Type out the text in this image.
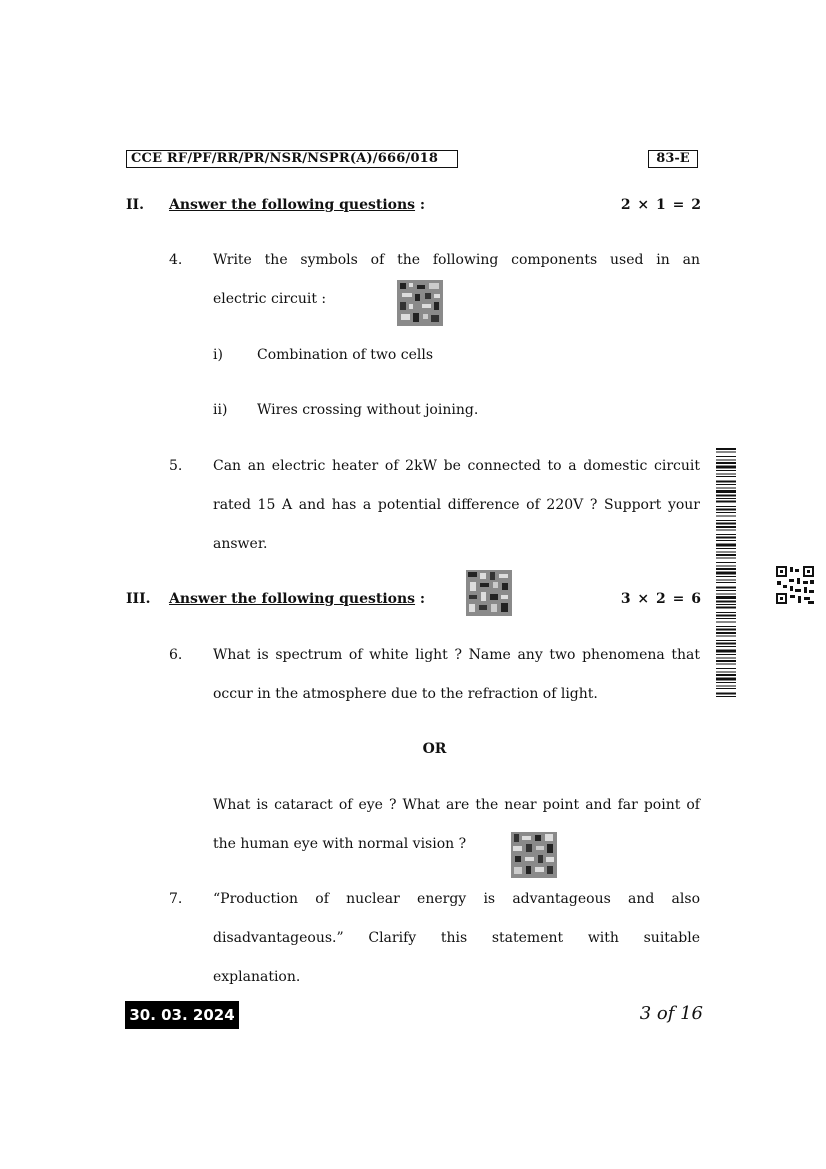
CCE RF/PF/RR/PR/NSR/NSPR(A)/666/018	83-E
II. Answer the following questions :	2 × 1 = 2
4. Write the symbols of the following components used in an
electric circuit :
i) Combination of two cells
ii) Wires crossing without joining.
5. Can an electric heater of 2kW be connected to a domestic circuit
rated 15 A and has a potential difference of 220V ? Support your
answer.
III. Answer the following questions :	3 × 2 = 6
6. What is spectrum of white light ? Name any two phenomena that
occur in the atmosphere due to the refraction of light.
OR
What is cataract of eye ? What are the near point and far point of
the human eye with normal vision ?
7. “Production of nuclear energy is advantageous and also
disadvantageous.” Clarify this statement with suitable
explanation.
30. 03. 2024	3 of 16
